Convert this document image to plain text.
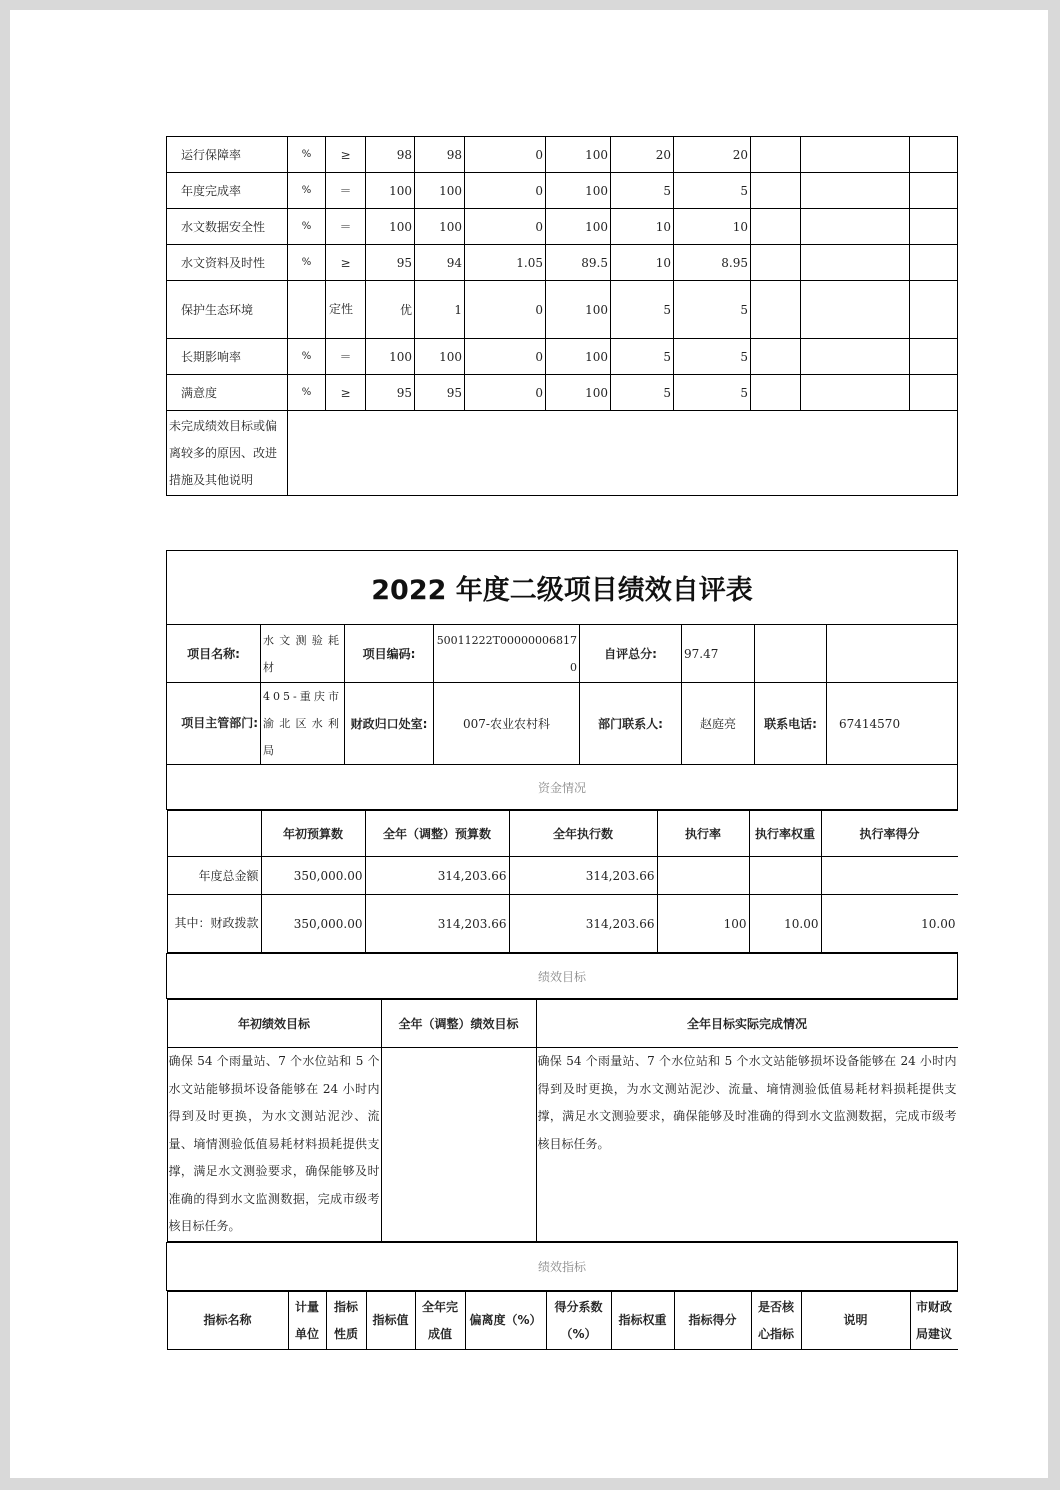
运行保障率	%	≥	98	98	0	100	20	20			
年度完成率	%	＝	100	100	0	100	5	5			
水文数据安全性	%	＝	100	100	0	100	10	10			
水文资料及时性	%	≥	95	94	1.05	89.5	10	8.95			
保护生态环境		定性	优	1	0	100	5	5			
长期影响率	%	＝	100	100	0	100	5	5			
满意度	%	≥	95	95	0	100	5	5			
未完成绩效目标或偏离较多的原因、改进措施及其他说明											
2022 年度二级项目绩效自评表
项目名称:	水文测验耗材	项目编码:	50011222T000000068170	自评总分:	97.47		
项目主管部门:	405-重庆市渝北区水利局	财政归口处室:	007-农业农村科	部门联系人:	赵庭亮	联系电话:	67414570
资金情况

	年初预算数	全年（调整）预算数	全年执行数	执行率	执行率权重	执行率得分
年度总金额	350,000.00	314,203.66	314,203.66			
其中：财政拨款	350,000.00	314,203.66	314,203.66	100	10.00	10.00

绩效目标

年初绩效目标	全年（调整）绩效目标	全年目标实际完成情况
确保 54 个雨量站、7 个水位站和 5 个水文站能够损坏设备能够在 24 小时内得到及时更换，为水文测站泥沙、流量、墒情测验低值易耗材料损耗提供支撑，满足水文测验要求，确保能够及时准确的得到水文监测数据，完成市级考核目标任务。		确保 54 个雨量站、7 个水位站和 5 个水文站能够损坏设备能够在 24 小时内得到及时更换，为水文测站泥沙、流量、墒情测验低值易耗材料损耗提供支撑，满足水文测验要求，确保能够及时准确的得到水文监测数据，完成市级考核目标任务。

绩效指标

指标名称	计量单位	指标性质	指标值	全年完成值	偏离度（%）	得分系数（%）	指标权重	指标得分	是否核心指标	说明	市财政局建议
